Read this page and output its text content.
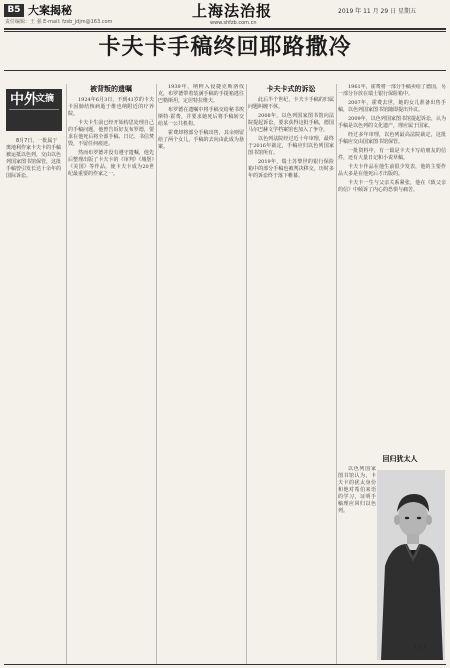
B5 大案揭秘
责任编辑：王 强 E-mail: fzsb_jdjm@163.com
上海法治报
www.shfzb.com.cn
2019 年 11 月 29 日 星期五
卡夫卡手稿终回耶路撒冷
中外
文摘

8月7日，一批属于奥地利作家卡夫卡的手稿被运抵以色列，交由以色列国家图书馆保管，这批手稿曾引发长达十余年的国际诉讼。

被背叛的遗嘱

1924年6月3日，不到41岁的卡夫卡因肺结核病逝于维也纳附近的疗养院。

卡夫卡生前已经开始构思处理自己的手稿问题，他曾告诉好友布罗德，要求在他死后将全部手稿、日记、书信焚毁，不留任何痕迹。

然而布罗德并没有遵守遗嘱，他先后整理出版了卡夫卡的《审判》《城堡》《美国》等作品，使卡夫卡成为20世纪最重要的作家之一。

1939年，纳粹入侵捷克斯洛伐克，布罗德带着装满手稿的手提箱逃往巴勒斯坦，定居特拉维夫。

布罗德在遗嘱中将手稿交给秘书埃斯特·霍费，并要求她死后将手稿转交给某一公共机构。

霍费却将部分手稿出售，其余则留给了两个女儿，手稿的去向由此成为悬案。

卡夫卡式的诉讼

此后半个世纪，卡夫卡手稿的归属问题纠缠不休。

2008年，以色列国家图书馆向法院提起诉讼，要求获得这批手稿，德国马尔巴赫文学档案馆也加入了争夺。

以色列法院经过近十年审理，最终于2016年裁定，手稿应归以色列国家图书馆所有。

2019年，瑞士苏黎世的银行保险箱中的部分手稿也被判决移交，历时多年的诉讼终于落下帷幕。

1961年，霍费将一部分手稿卖给了德国，另一部分存放在瑞士银行保险箱中。

2007年，霍费去世，她的女儿准备出售手稿，以色列国家图书馆随即提出异议。

2009年，以色列国家图书馆提起诉讼，认为手稿是以色列的文化遗产，理应属于国家。

经过多年审理，以色列最高法院裁定，这批手稿应交由国家图书馆保管。

一批资料中，有一篇是卡夫卡写给朋友的信件，还有大量日记和小说草稿。

卡夫卡作品在他生前很少发表，他的主要作品大多是在他死后才出版的。

卡夫卡一生与父亲关系紧张，他在《致父亲的信》中倾诉了内心的恐惧与痛苦。

回归犹太人

以色列国家图书馆认为，卡夫卡的犹太身份和他对希伯来语的学习，证明手稿理应回归以色列。

卡夫卡
